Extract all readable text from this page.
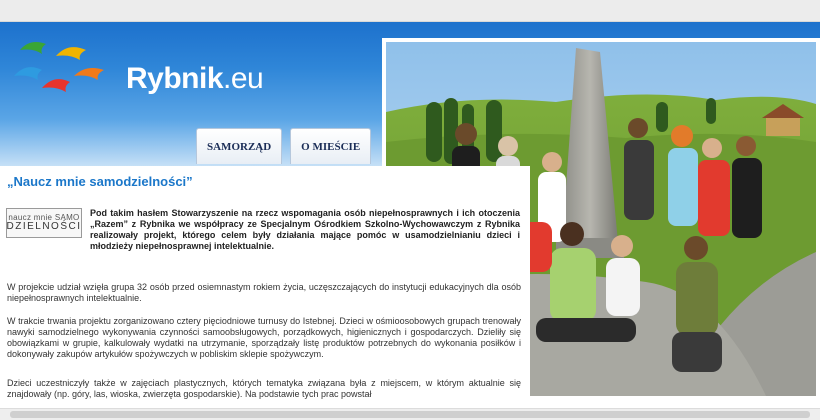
Rybnik.eu
SAMORZĄD	O MIEŚCIE
„Naucz mnie samodzielności”
naucz mnie SAMO
DZIELNOŚCI

Pod takim hasłem Stowarzyszenie na rzecz wspomagania osób niepełnosprawnych i ich otoczenia „Razem” z Rybnika we współpracy ze Specjalnym Ośrodkiem Szkolno-Wychowawczym z Rybnika realizowały projekt, którego celem były działania mające pomóc w usamodzielnianiu dzieci i młodzieży niepełnosprawnej intelektualnie.

W projekcie udział wzięła grupa 32 osób przed osiemnastym rokiem życia, uczęszczających do instytucji edukacyjnych dla osób niepełnosprawnych intelektualnie.

W trakcie trwania projektu zorganizowano cztery pięciodniowe turnusy do Istebnej. Dzieci w ośmioosobowych grupach trenowały nawyki samodzielnego wykonywania czynności samoobsługowych, porządkowych, higienicznych i gospodarczych. Dzieliły się obowiązkami w grupie, kalkulowały wydatki na utrzymanie, sporządzały listę produktów potrzebnych do wykonania posiłków i dokonywały zakupów artykułów spożywczych w pobliskim sklepie spożywczym.

Dzieci uczestniczyły także w zajęciach plastycznych, których tematyka związana była z miejscem, w którym aktualnie się znajdowały (np. góry, las, wioska, zwierzęta gospodarskie). Na podstawie tych prac powstał
